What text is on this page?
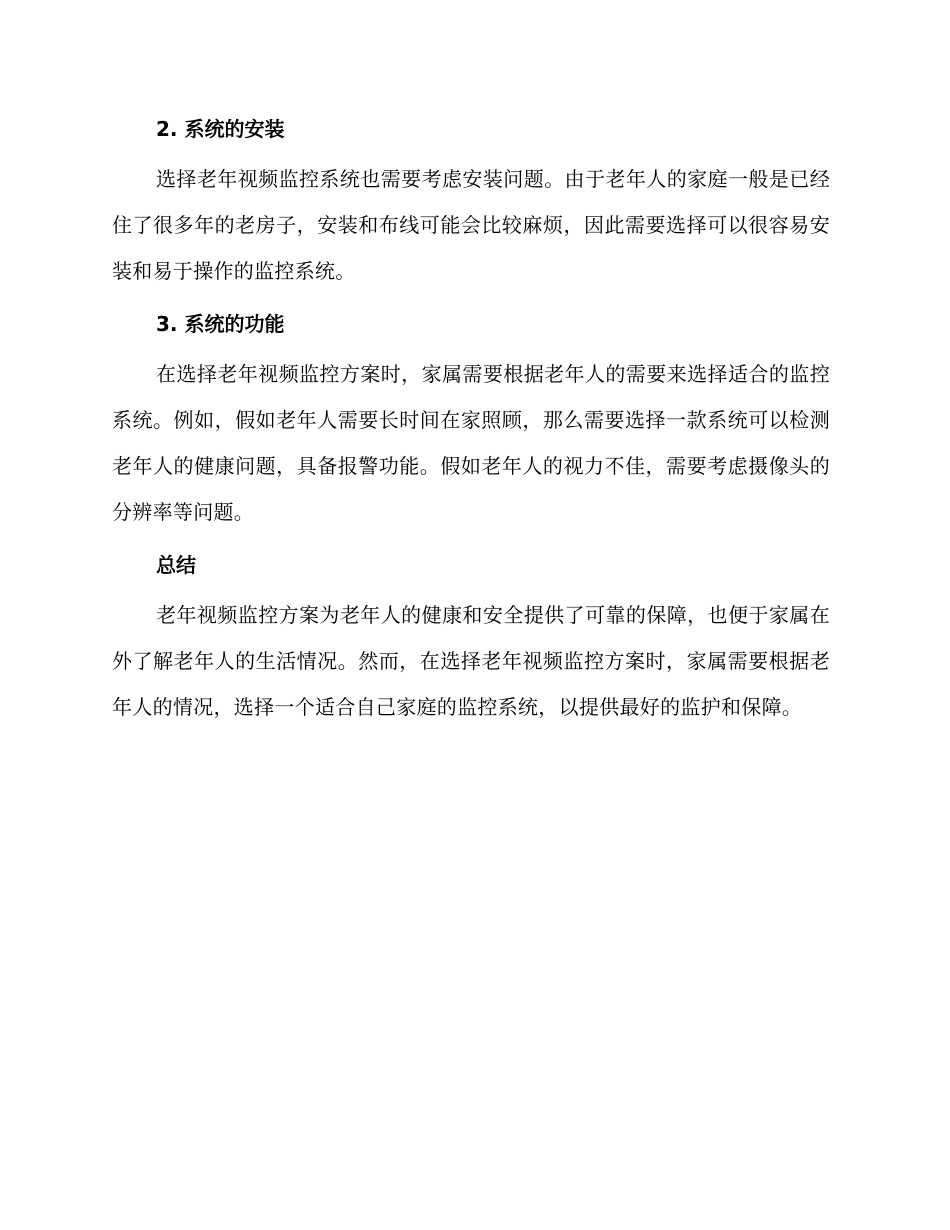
2. 系统的安装

选择老年视频监控系统也需要考虑安装问题。由于老年人的家庭一般是已经住了很多年的老房子，安装和布线可能会比较麻烦，因此需要选择可以很容易安装和易于操作的监控系统。

3. 系统的功能

在选择老年视频监控方案时，家属需要根据老年人的需要来选择适合的监控系统。例如，假如老年人需要长时间在家照顾，那么需要选择一款系统可以检测老年人的健康问题，具备报警功能。假如老年人的视力不佳，需要考虑摄像头的分辨率等问题。

总结

老年视频监控方案为老年人的健康和安全提供了可靠的保障，也便于家属在外了解老年人的生活情况。然而，在选择老年视频监控方案时，家属需要根据老年人的情况，选择一个适合自己家庭的监控系统，以提供最好的监护和保障。
